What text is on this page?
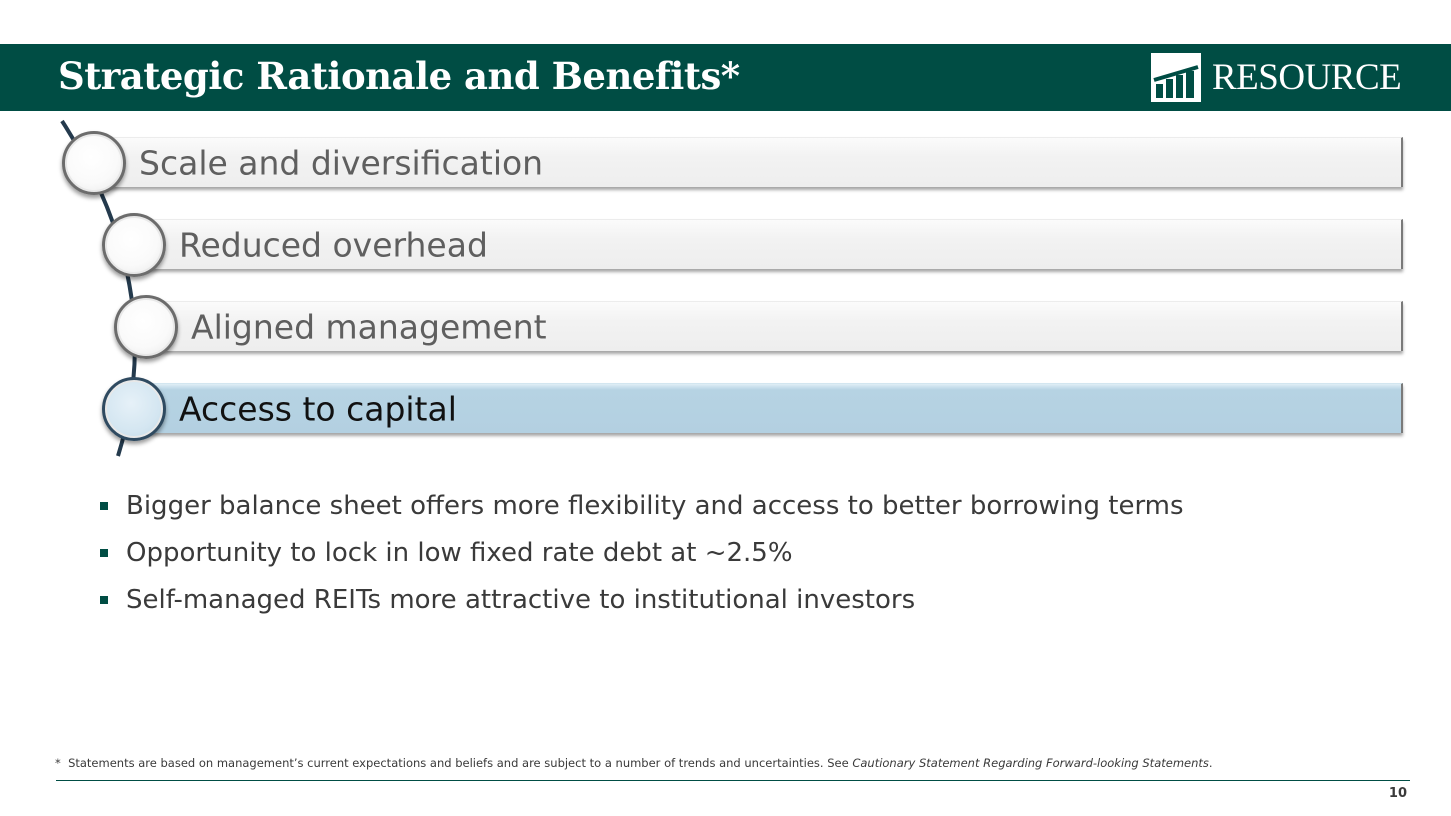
Strategic Rationale and Benefits*	RESOURCE
Scale and diversification
Reduced overhead
Aligned management
Access to capital
Bigger balance sheet offers more flexibility and access to better borrowing terms
Opportunity to lock in low fixed rate debt at ~2.5%
Self-managed REITs more attractive to institutional investors
* Statements are based on management’s current expectations and beliefs and are subject to a number of trends and uncertainties. See Cautionary Statement Regarding Forward-looking Statements.
10
